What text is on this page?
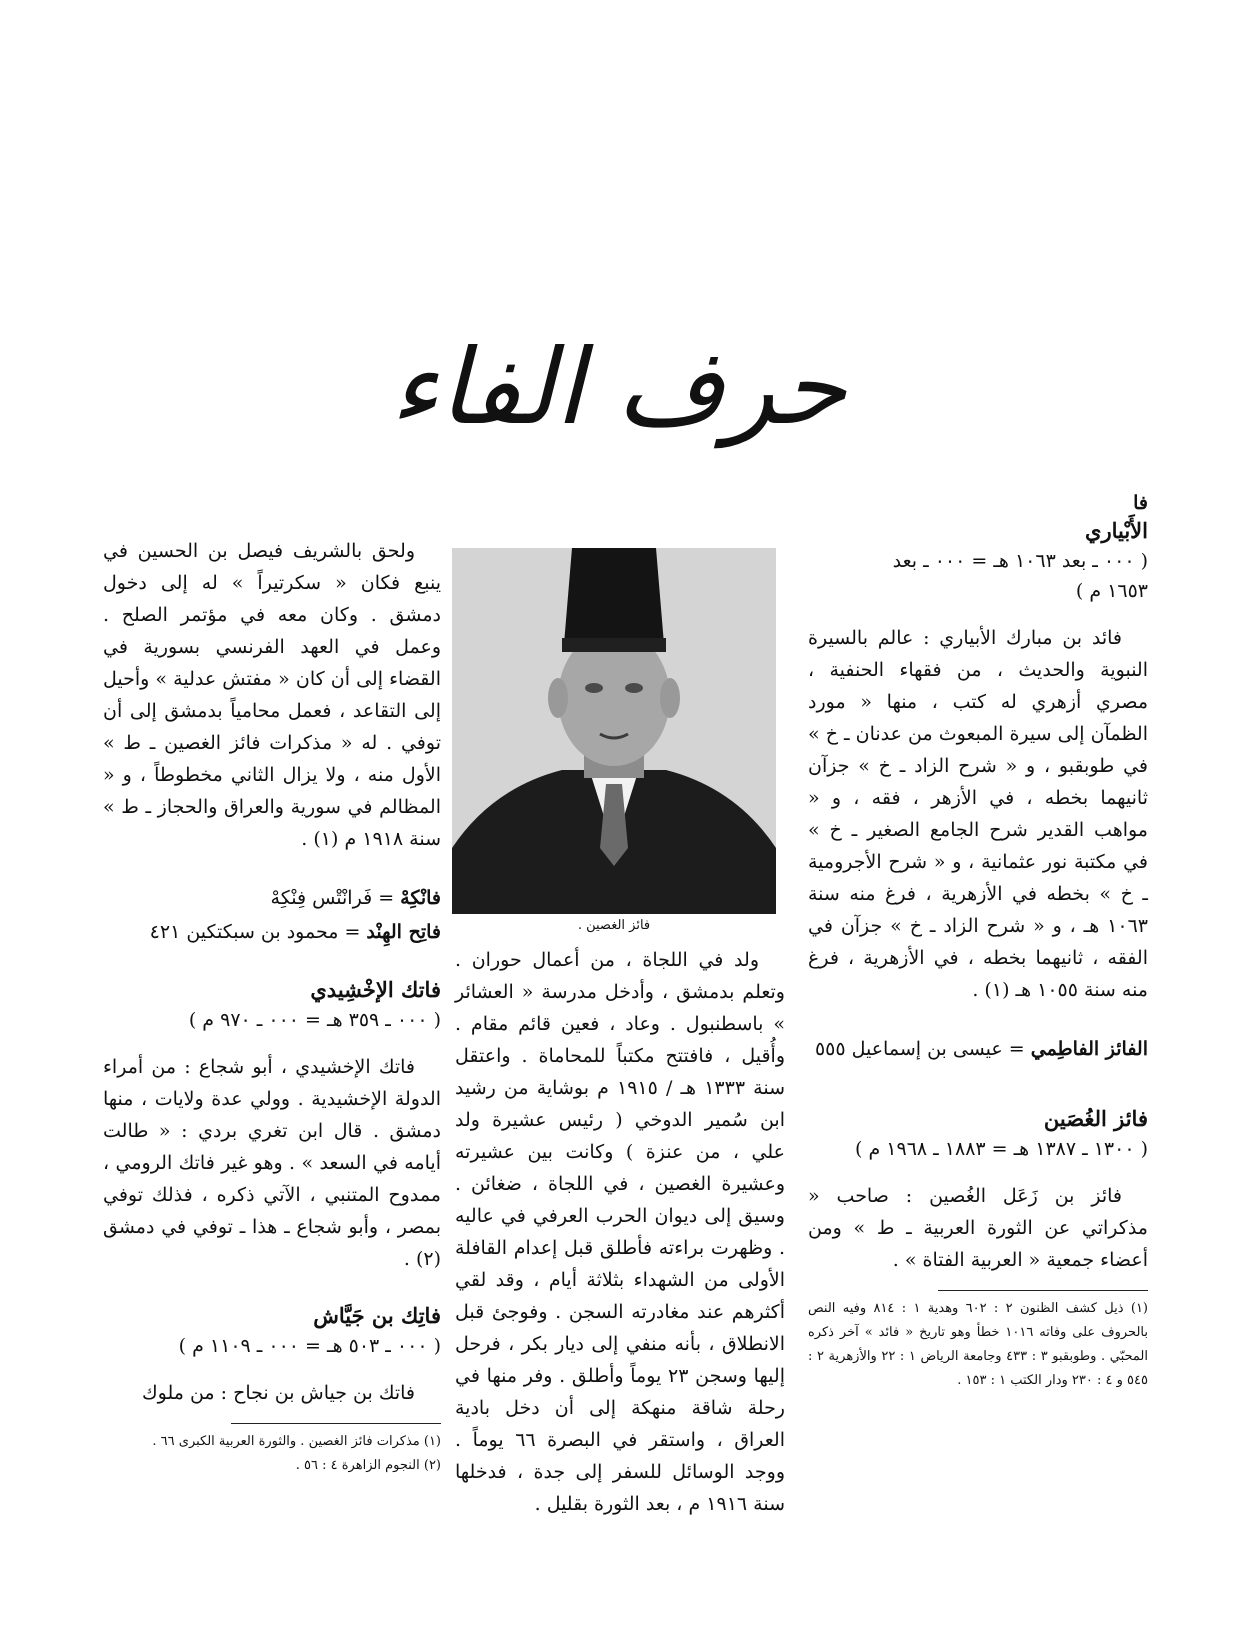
حرف الفاء

فا

الأَبْياري

( ٠٠٠ ـ بعد ١٠٦٣ هـ = ٠٠٠ ـ بعد

١٦٥٣ م )

فائد بن مبارك الأبياري : عالم بالسيرة النبوية والحديث ، من فقهاء الحنفية ، مصري أزهري له كتب ، منها « مورد الظمآن إلى سيرة المبعوث من عدنان ـ خ » في طوبقبو ، و « شرح الزاد ـ خ » جزآن ثانيهما بخطه ، في الأزهر ، فقه ، و « مواهب القدير شرح الجامع الصغير ـ خ » في مكتبة نور عثمانية ، و « شرح الأجرومية ـ خ » بخطه في الأزهرية ، فرغ منه سنة ١٠٦٣ هـ ، و « شرح الزاد ـ خ » جزآن في الفقه ، ثانيهما بخطه ، في الأزهرية ، فرغ منه سنة ١٠٥٥ هـ (١) .

الفائز الفاطِمي = عيسى بن إسماعيل ٥٥٥

فائز الغُصَين

( ١٣٠٠ ـ ١٣٨٧ هـ = ١٨٨٣ ـ ١٩٦٨ م )

فائز بن زَعَل الغُصين : صاحب « مذكراتي عن الثورة العربية ـ ط » ومن أعضاء جمعية « العربية الفتاة » .

(١) ذيل كشف الظنون ٢ : ٦٠٢ وهدية ١ : ٨١٤ وفيه النص بالحروف على وفاته ١٠١٦ خطأ وهو تاريخ « فائد » آخر ذكره المحبّي . وطوبقبو ٣ : ٤٣٣ وجامعة الرياض ١ : ٢٢ والأزهرية ٢ : ٥٤٥ و ٤ : ٢٣٠ ودار الكتب ١ : ١٥٣ .

فائز الغصين .

ولد في اللجاة ، من أعمال حوران . وتعلم بدمشق ، وأدخل مدرسة « العشائر » باسطنبول . وعاد ، فعين قائم مقام . وأُقيل ، فافتتح مكتباً للمحاماة . واعتقل سنة ١٣٣٣ هـ / ١٩١٥ م بوشاية من رشيد ابن سُمير الدوخي ( رئيس عشيرة ولد علي ، من عنزة ) وكانت بين عشيرته وعشيرة الغصين ، في اللجاة ، ضغائن . وسيق إلى ديوان الحرب العرفي في عاليه . وظهرت براءته فأطلق قبل إعدام القافلة الأولى من الشهداء بثلاثة أيام ، وقد لقي أكثرهم عند مغادرته السجن . وفوجئ قبل الانطلاق ، بأنه منفي إلى ديار بكر ، فرحل إليها وسجن ٢٣ يوماً وأطلق . وفر منها في رحلة شاقة منهكة إلى أن دخل بادية العراق ، واستقر في البصرة ٦٦ يوماً . ووجد الوسائل للسفر إلى جدة ، فدخلها سنة ١٩١٦ م ، بعد الثورة بقليل .

ولحق بالشريف فيصل بن الحسين في ينبع فكان « سكرتيراً » له إلى دخول دمشق . وكان معه في مؤتمر الصلح . وعمل في العهد الفرنسي بسورية في القضاء إلى أن كان « مفتش عدلية » وأحيل إلى التقاعد ، فعمل محامياً بدمشق إلى أن توفي . له « مذكرات فائز الغصين ـ ط » الأول منه ، ولا يزال الثاني مخطوطاً ، و « المظالم في سورية والعراق والحجاز ـ ط » سنة ١٩١٨ م (١) .

فانْكِهْ = فَرانْتْس فِنْكِهْ

فاتِح الهِنْد = محمود بن سبكتكين ٤٢١

فاتك الإخْشِيدي

( ٠٠٠ ـ ٣٥٩ هـ = ٠٠٠ ـ ٩٧٠ م )

فاتك الإخشيدي ، أبو شجاع : من أمراء الدولة الإخشيدية . وولي عدة ولايات ، منها دمشق . قال ابن تغري بردي : « طالت أيامه في السعد » . وهو غير فاتك الرومي ، ممدوح المتنبي ، الآتي ذكره ، فذلك توفي بمصر ، وأبو شجاع ـ هذا ـ توفي في دمشق (٢) .

فاتِك بن جَيَّاش

( ٠٠٠ ـ ٥٠٣ هـ = ٠٠٠ ـ ١١٠٩ م )

فاتك بن جياش بن نجاح : من ملوك

(١) مذكرات فائز الغصين . والثورة العربية الكبرى ٦٦ .

(٢) النجوم الزاهرة ٤ : ٥٦ .
